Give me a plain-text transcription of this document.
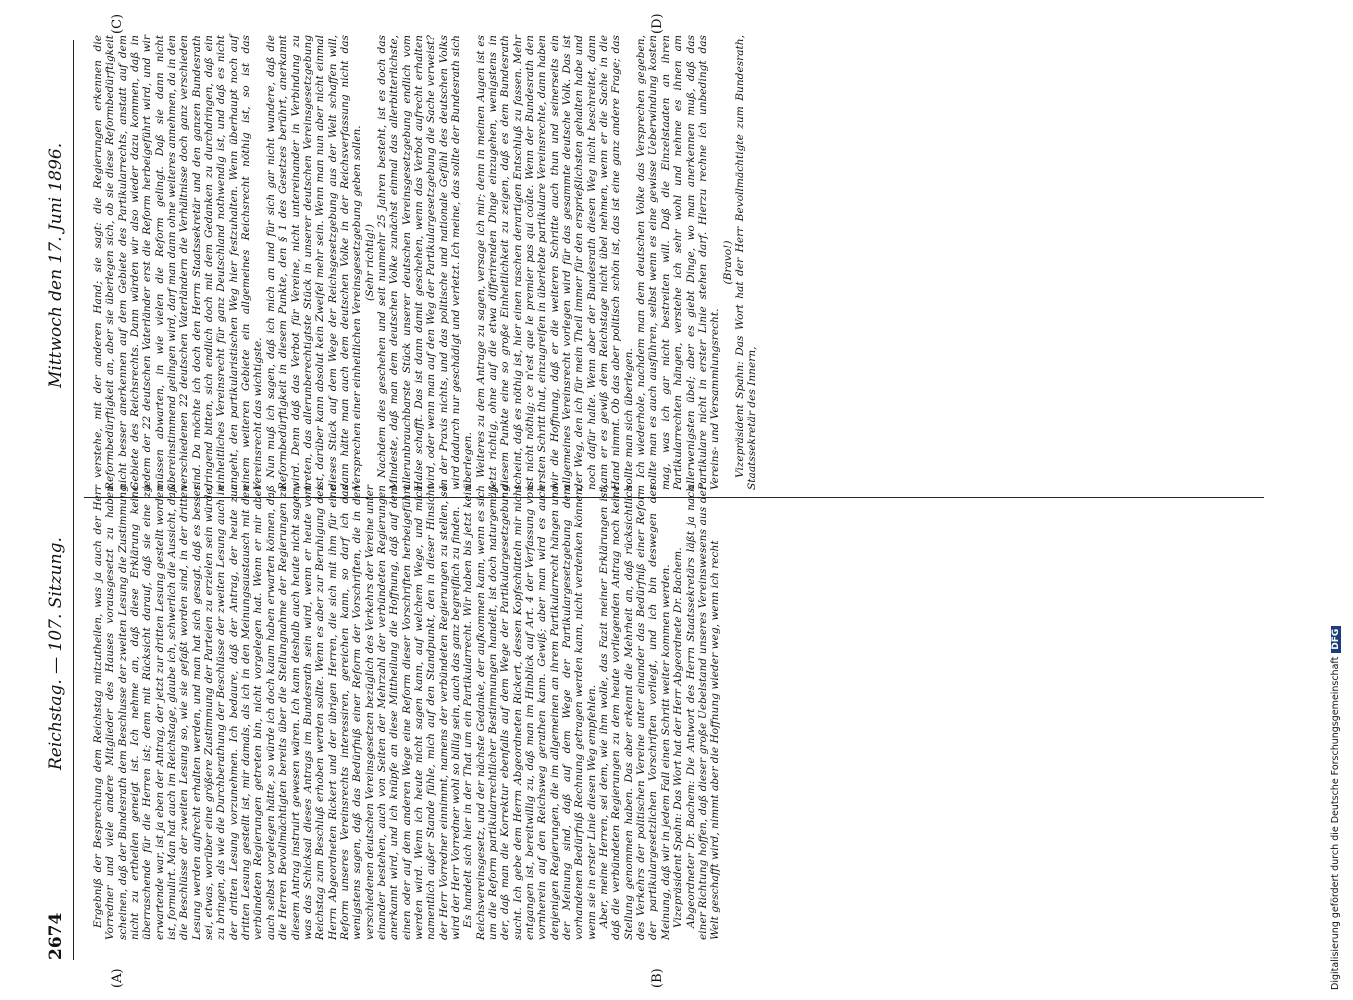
2674
Reichstag. — 107. Sitzung.
Mittwoch den 17. Juni 1896.
(A)	(B)
(C)	(D)

Ergebniß der Besprechung dem Reichstag mitzutheilen, was ja auch der Herr Vorredner und viele andere Mitglieder des Hauses vorausgesetzt zu haben scheinen, daß der Bundesrath dem Beschlusse der zweiten Lesung die Zustimmung nicht zu ertheilen geneigt ist. Ich nehme an, daß diese Erklärung keine überraschende für die Herren ist; denn mit Rücksicht darauf, daß sie eine zu erwartende war, ist ja eben der Antrag, der jetzt zur dritten Lesung gestellt worden ist, formulirt. Man hat auch im Reichstage, glaube ich, schwerlich die Aussicht, daß die Beschlüsse der zweiten Lesung so, wie sie gefaßt worden sind, in der dritten Lesung werden aufrecht erhalten werden, und man hat sich gesagt, daß es besser sei, etwas, worüber eine größere Zustimmung der Parteien zu erzielen sein würde, zu bringen, als wie die Durchberathung der Beschlüsse der zweiten Lesung auch in der dritten Lesung vorzunehmen. Ich bedaure, daß der Antrag, der heute zur dritten Lesung gestellt ist, mir damals, als ich in den Meinungsaustausch mit den verbündeten Regierungen getreten bin, nicht vorgelegen hat. Wenn er mir aber auch selbst vorgelegen hätte, so würde ich doch kaum haben erwarten können, daß die Herren Bevollmächtigten bereits über die Stellungnahme der Regierungen zu diesem Antrag instruirt gewesen wären. Ich kann deshalb auch heute nicht sagen, was das Schicksal dieses Antrags im Bundesrath sein wird, wenn er heute vom Reichstag zum Beschluß erhoben werden sollte. Wenn es aber zur Beruhigung des Herrn Abgeordneten Rickert und der übrigen Herren, die sich mit ihm für eine Reform unseres Vereinsrechts interessiren, gereichen kann, so darf ich das wenigstens sagen, daß das Bedürfniß einer Reform der Vorschriften, die in den verschiedenen deutschen Vereinsgesetzen bezüglich des Verkehrs der Vereine unter einander bestehen, auch von Seiten der Mehrzahl der verbündeten Regierungen anerkannt wird, und ich knüpfe an diese Mittheilung die Hoffnung, daß auf dem einen oder auf dem anderen Wege eine Reform dieser Vorschriften herbeigeführt werden wird. Wenn ich heute nicht sagen kann, auf welchem Wege, und mich namentlich außer Stande fühle, mich auf den Standpunkt, den in dieser Hinsicht der Herr Vorredner einnimmt, namens der verbündeten Regierungen zu stellen, so wird der Herr Vorredner wohl so billig sein, auch das ganz begreiflich zu finden. Es handelt sich hier in der That um ein Partikularrecht. Wir haben bis jetzt kein Reichsvereinsgesetz, und der nächste Gedanke, der aufkommen kann, wenn es sich um die Reform partikularrechtlicher Bestimmungen handelt, ist doch naturgemäß der, daß man die Korrektur ebenfalls auf dem Wege der Partikulargesetzgebung sucht. Ich gebe dem Herrn Abgeordneten Rickert, dessen Kopfschütteln mir nicht entgangen ist, bereitwillig zu, daß man im Hinblick auf Art. 4 der Verfassung von vornherein auf den Reichsweg gerathen kann. Gewiß; aber man wird es auch denjenigen Regierungen, die im allgemeinen an ihrem Partikularrecht hängen und der Meinung sind, daß auf dem Wege der Partikulargesetzgebung dem vorhandenen Bedürfniß Rechnung getragen werden kann, nicht verdenken können, wenn sie in erster Linie diesen Weg empfehlen. Aber, meine Herren, sei dem, wie ihm wolle, das Fazit meiner Erklärungen ist, daß die verbündeten Regierungen zu dem heute vorliegenden Antrag noch keine Stellung genommen haben. Das aber erkennt die Mehrheit an, daß rücksichtlich des Verkehrs der politischen Vereine unter einander das Bedürfniß einer Reform der partikulargesetzlichen Vorschriften vorliegt, und ich bin deswegen der Meinung, daß wir in jedem Fall einen Schritt weiter kommen werden. Vizepräsident Spahn: Das Wort hat der Herr Abgeordnete Dr. Bachem. Abgeordneter Dr. Bachem: Die Antwort des Herrn Staatssekretärs läßt ja nach einer Richtung hoffen, daß dieser große Uebelstand unseres Vereinswesens aus der Welt geschafft wird, nimmt aber die Hoffnung wieder weg, wenn ich recht

verstehe, mit der anderen Hand; sie sagt: die Regierungen erkennen die Reformbedürftigkeit an, aber sie überlegen sich, ob sie diese Reformbedürftigkeit nicht besser anerkennen auf dem Gebiete des Partikularrechts, anstatt auf dem Gebiete des Reichsrechts. Dann würden wir also wieder dazu kommen, daß in jedem der 22 deutschen Vaterländer erst die Reform herbeigeführt wird, und wir müssen abwarten, in wie vielen die Reform gelingt. Daß sie dann nicht übereinstimmend gelingen wird, darf man dann ohne weiteres annehmen, da in den verschiedenen 22 deutschen Vaterländern die Verhältnisse doch ganz verschieden sind. Da möchte ich doch den Herrn Staatssekretär und den ganzen Bundesrath dringend bitten, sich endlich doch mit dem Gedanken zu durchdringen, daß ein einheitliches Vereinsrecht für ganz Deutschland nothwendig ist, und daß es nicht angeht, den partikularistischen Weg hier festzuhalten. Wenn überhaupt noch auf einem weiteren Gebiete ein allgemeines Reichsrecht nöthig ist, so ist das Vereinsrecht das wichtigste. Nun muß ich sagen, daß ich mich an und für sich gar nicht wundere, daß die Reformbedürftigkeit in diesem Punkte, den § 1 des Gesetzes berührt, anerkannt wird. Denn daß das Verbot für Vereine, nicht untereinander in Verbindung zu treten, das allerunberechtigtste Stück in unserer deutschen Vereinsgesetzgebung ist, darüber kann absolut kein Zweifel mehr sein. Wenn man nun aber nicht einmal dieses Stück auf dem Wege der Reichsgesetzgebung aus der Welt schaffen will, dann hätte man auch dem deutschen Volke in der Reichsverfassung nicht das Versprechen einer einheitlichen Vereinsgesetzgebung geben sollen. (Sehr richtig!) Nachdem dies geschehen und seit nunmehr 25 Jahren besteht, ist es doch das Mindeste, daß man dem deutschen Volke zunächst einmal das allerbitterlichste, allerunbrauchbarste Stück unserer deutschen Vereinsgesetzgebung endlich vom Halse schafft. Das ist dann damit geschehen, wenn das Verbot aufrecht erhalten wird, oder wenn man auf den Weg der Partikulargesetzgebung die Sache verweist? In der Praxis nichts, und das politische und nationale Gefühl des deutschen Volks wird dadurch nur geschädigt und verletzt. Ich meine, das sollte der Bundesrath sich überlegen. Weiteres zu dem Antrage zu sagen, versage ich mir; denn in meinen Augen ist es jetzt richtig, ohne auf die etwa differirenden Dinge einzugehen, wenigstens in diesem Punkte eine so große Einheitlichkeit zu zeigen, daß es dem Bundesrath scheint, daß es nöthig ist, hier einen raschen derartigen Entschluß zu fassen. Mehr ist nicht nöthig; ce n'est que le premier pas qui coûte. Wenn der Bundesrath den ersten Schritt thut, einzugreifen in überlebte partikulare Vereinsrechte, dann haben wir die Hoffnung, daß er die weiteren Schritte auch thun und seinerseits ein allgemeines Vereinsrecht vorlegen wird für das gesammte deutsche Volk. Das ist der Weg, den ich für mein Theil immer für den ersprießlichsten gehalten habe und noch dafür halte. Wenn aber der Bundesrath diesen Weg nicht beschreitet, dann kann er es gewiß dem Reichstage nicht übel nehmen, wenn er die Sache in die Hand nimmt. Ob das aber politisch schön ist, das ist eine ganz andere Frage; das sollte man sich überlegen. Ich wiederhole, nachdem man dem deutschen Volke das Versprechen gegeben, sollte man es auch ausführen, selbst wenn es eine gewisse Ueberwindung kosten mag, was ich gar nicht bestreiten will. Daß die Einzelstaaten an ihren Partikularrechten hängen, verstehe ich sehr wohl und nehme es ihnen am allerwenigsten übel; aber es giebt Dinge, wo man anerkennen muß, daß das Partikulare nicht in erster Linie stehen darf. Hierzu rechne ich unbedingt das Vereins- und Versammlungsrecht.

(Bravo!) Vizepräsident Spahn: Das Wort hat der Herr Bevollmächtigte zum Bundesrath, Staatssekretär des Innern,

Digitalisierung gefördert durch die Deutsche ForschungsgemeinschaftDFG
